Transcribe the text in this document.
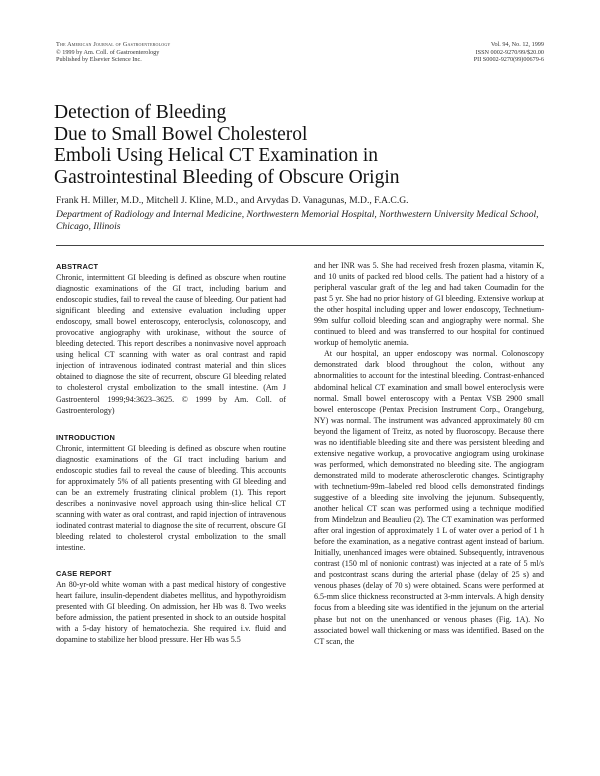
The American Journal of Gastroenterology
© 1999 by Am. Coll. of Gastroenterology
Published by Elsevier Science Inc.
Vol. 94, No. 12, 1999
ISSN 0002-9270/99/$20.00
PII S0002-9270(99)00679-6
Detection of Bleeding
Due to Small Bowel Cholesterol
Emboli Using Helical CT Examination in
Gastrointestinal Bleeding of Obscure Origin
Frank H. Miller, M.D., Mitchell J. Kline, M.D., and Arvydas D. Vanagunas, M.D., F.A.C.G.
Department of Radiology and Internal Medicine, Northwestern Memorial Hospital, Northwestern University Medical School, Chicago, Illinois
ABSTRACT

Chronic, intermittent GI bleeding is defined as obscure when routine diagnostic examinations of the GI tract, including barium and endoscopic studies, fail to reveal the cause of bleeding. Our patient had significant bleeding and extensive evaluation including upper endoscopy, small bowel enteroscopy, enteroclysis, colonoscopy, and provocative angiography with urokinase, without the source of bleeding detected. This report describes a noninvasive novel approach using helical CT scanning with water as oral contrast and rapid injection of intravenous iodinated contrast material and thin slices obtained to diagnose the site of recurrent, obscure GI bleeding related to cholesterol crystal embolization to the small intestine. (Am J Gastroenterol 1999;94:3623–3625. © 1999 by Am. Coll. of Gastroenterology)

INTRODUCTION

Chronic, intermittent GI bleeding is defined as obscure when routine diagnostic examinations of the GI tract including barium and endoscopic studies fail to reveal the cause of bleeding. This accounts for approximately 5% of all patients presenting with GI bleeding and can be an extremely frustrating clinical problem (1). This report describes a noninvasive novel approach using thin-slice helical CT scanning with water as oral contrast, and rapid injection of intravenous iodinated contrast material to diagnose the site of recurrent, obscure GI bleeding related to cholesterol crystal embolization to the small intestine.

CASE REPORT

An 80-yr-old white woman with a past medical history of congestive heart failure, insulin-dependent diabetes mellitus, and hypothyroidism presented with GI bleeding. On admission, her Hb was 8. Two weeks before admission, the patient presented in shock to an outside hospital with a 5-day history of hematochezia. She required i.v. fluid and dopamine to stabilize her blood pressure. Her Hb was 5.5

and her INR was 5. She had received fresh frozen plasma, vitamin K, and 10 units of packed red blood cells. The patient had a history of a peripheral vascular graft of the leg and had taken Coumadin for the past 5 yr. She had no prior history of GI bleeding. Extensive workup at the other hospital including upper and lower endoscopy, Technetium-99m sulfur colloid bleeding scan and angiography were normal. She continued to bleed and was transferred to our hospital for continued workup of hemolytic anemia.

At our hospital, an upper endoscopy was normal. Colonoscopy demonstrated dark blood throughout the colon, without any abnormalities to account for the intestinal bleeding. Contrast-enhanced abdominal helical CT examination and small bowel enteroclysis were normal. Small bowel enteroscopy with a Pentax VSB 2900 small bowel enteroscope (Pentax Precision Instrument Corp., Orangeburg, NY) was normal. The instrument was advanced approximately 80 cm beyond the ligament of Treitz, as noted by fluoroscopy. Because there was no identifiable bleeding site and there was persistent bleeding and extensive negative workup, a provocative angiogram using urokinase was performed, which demonstrated no bleeding site. The angiogram demonstrated mild to moderate atherosclerotic changes. Scintigraphy with technetium-99m–labeled red blood cells demonstrated findings suggestive of a bleeding site involving the jejunum. Subsequently, another helical CT scan was performed using a technique modified from Mindelzun and Beaulieu (2). The CT examination was performed after oral ingestion of approximately 1 L of water over a period of 1 h before the examination, as a negative contrast agent instead of barium. Initially, unenhanced images were obtained. Subsequently, intravenous contrast (150 ml of nonionic contrast) was injected at a rate of 5 ml/s and postcontrast scans during the arterial phase (delay of 25 s) and venous phases (delay of 70 s) were obtained. Scans were performed at 6.5-mm slice thickness reconstructed at 3-mm intervals. A high density focus from a bleeding site was identified in the jejunum on the arterial phase but not on the unenhanced or venous phases (Fig. 1A). No associated bowel wall thickening or mass was identified. Based on the CT scan, the
